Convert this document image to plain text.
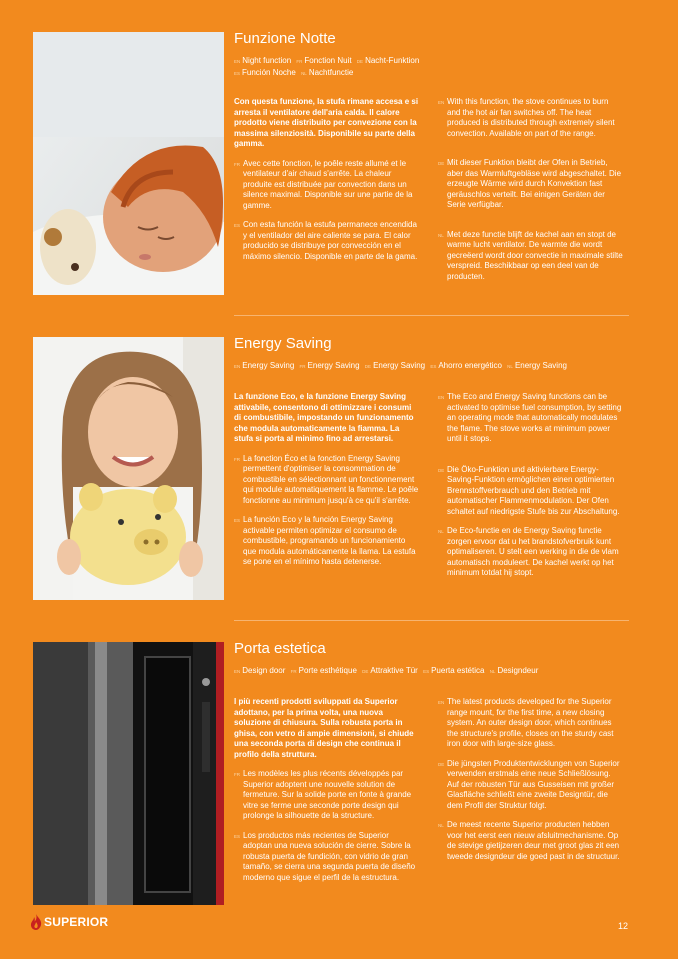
Funzione Notte
EN Night function FR Fonction Nuit DE Nacht-Funktion
ES Función Noche NL Nachtfunctie

Con questa funzione, la stufa rimane accesa e si arresta il ventilatore dell'aria calda. Il calore prodotto viene distribuito per convezione con la massima silenziosità. Disponibile su parte della gamma.

FR Avec cette fonction, le poêle reste allumé et le ventilateur d'air chaud s'arrête. La chaleur produite est distribuée par convection dans un silence maximal. Disponible sur une partie de la gamme.

ES Con esta función la estufa permanece encendida y el ventilador del aire caliente se para. El calor producido se distribuye por convección en el máximo silencio. Disponible en parte de la gama.

EN With this function, the stove continues to burn and the hot air fan switches off. The heat produced is distributed through extremely silent convection. Available on part of the range.

DE Mit dieser Funktion bleibt der Ofen in Betrieb, aber das Warmluftgebläse wird abgeschaltet. Die erzeugte Wärme wird durch Konvektion fast geräuschlos verteilt. Bei einigen Geräten der Serie verfügbar.

NL Met deze functie blijft de kachel aan en stopt de warme lucht ventilator. De warmte die wordt gecreëerd wordt door convectie in maximale stilte verspreid. Beschikbaar op een deel van de producten.

Energy Saving
EN Energy Saving FR Energy Saving DE Energy Saving ES Ahorro energético NL Energy Saving

La funzione Eco, e la funzione Energy Saving attivabile, consentono di ottimizzare i consumi di combustibile, impostando un funzionamento che modula automaticamente la fiamma. La stufa si porta al minimo fino ad arrestarsi.

FR La fonction Éco et la fonction Energy Saving permettent d'optimiser la consommation de combustible en sélectionnant un fonctionnement qui module automatiquement la flamme. Le poêle fonctionne au minimum jusqu'à ce qu'il s'arrête.

ES La función Eco y la función Energy Saving activable permiten optimizar el consumo de combustible, programando un funcionamiento que modula automáticamente la llama. La estufa se pone en el mínimo hasta detenerse.

EN The Eco and Energy Saving functions can be activated to optimise fuel consumption, by setting an operating mode that automatically modulates the flame. The stove works at minimum power until it stops.

DE Die Öko-Funktion und aktivierbare Energy-Saving-Funktion ermöglichen einen optimierten Brennstoffverbrauch und den Betrieb mit automatischer Flammenmodulation. Der Ofen schaltet auf niedrigste Stufe bis zur Abschaltung.

NL De Eco-functie en de Energy Saving functie zorgen ervoor dat u het brandstofverbruik kunt optimaliseren. U stelt een werking in die de vlam automatisch moduleert. De kachel werkt op het minimum totdat hij stopt.

Porta estetica
EN Design door FR Porte esthétique DE Attraktive Tür ES Puerta estética NL Designdeur

I più recenti prodotti sviluppati da Superior adottano, per la prima volta, una nuova soluzione di chiusura. Sulla robusta porta in ghisa, con vetro di ampie dimensioni, si chiude una seconda porta di design che continua il profilo della struttura.

FR Les modèles les plus récents développés par Superior adoptent une nouvelle solution de fermeture. Sur la solide porte en fonte à grande vitre se ferme une seconde porte design qui prolonge la silhouette de la structure.

ES Los productos más recientes de Superior adoptan una nueva solución de cierre. Sobre la robusta puerta de fundición, con vidrio de gran tamaño, se cierra una segunda puerta de diseño moderno que sigue el perfil de la estructura.

EN The latest products developed for the Superior range mount, for the first time, a new closing system. An outer design door, which continues the structure's profile, closes on the sturdy cast iron door with large-size glass.

DE Die jüngsten Produktentwicklungen von Superior verwenden erstmals eine neue Schließlösung. Auf der robusten Tür aus Gusseisen mit großer Glasfläche schließt eine zweite Designtür, die dem Profil der Struktur folgt.

NL De meest recente Superior producten hebben voor het eerst een nieuw afsluitmechanisme. Op de stevige gietijzeren deur met groot glas zit een tweede designdeur die goed past in de structuur.

SUPERIOR	12
